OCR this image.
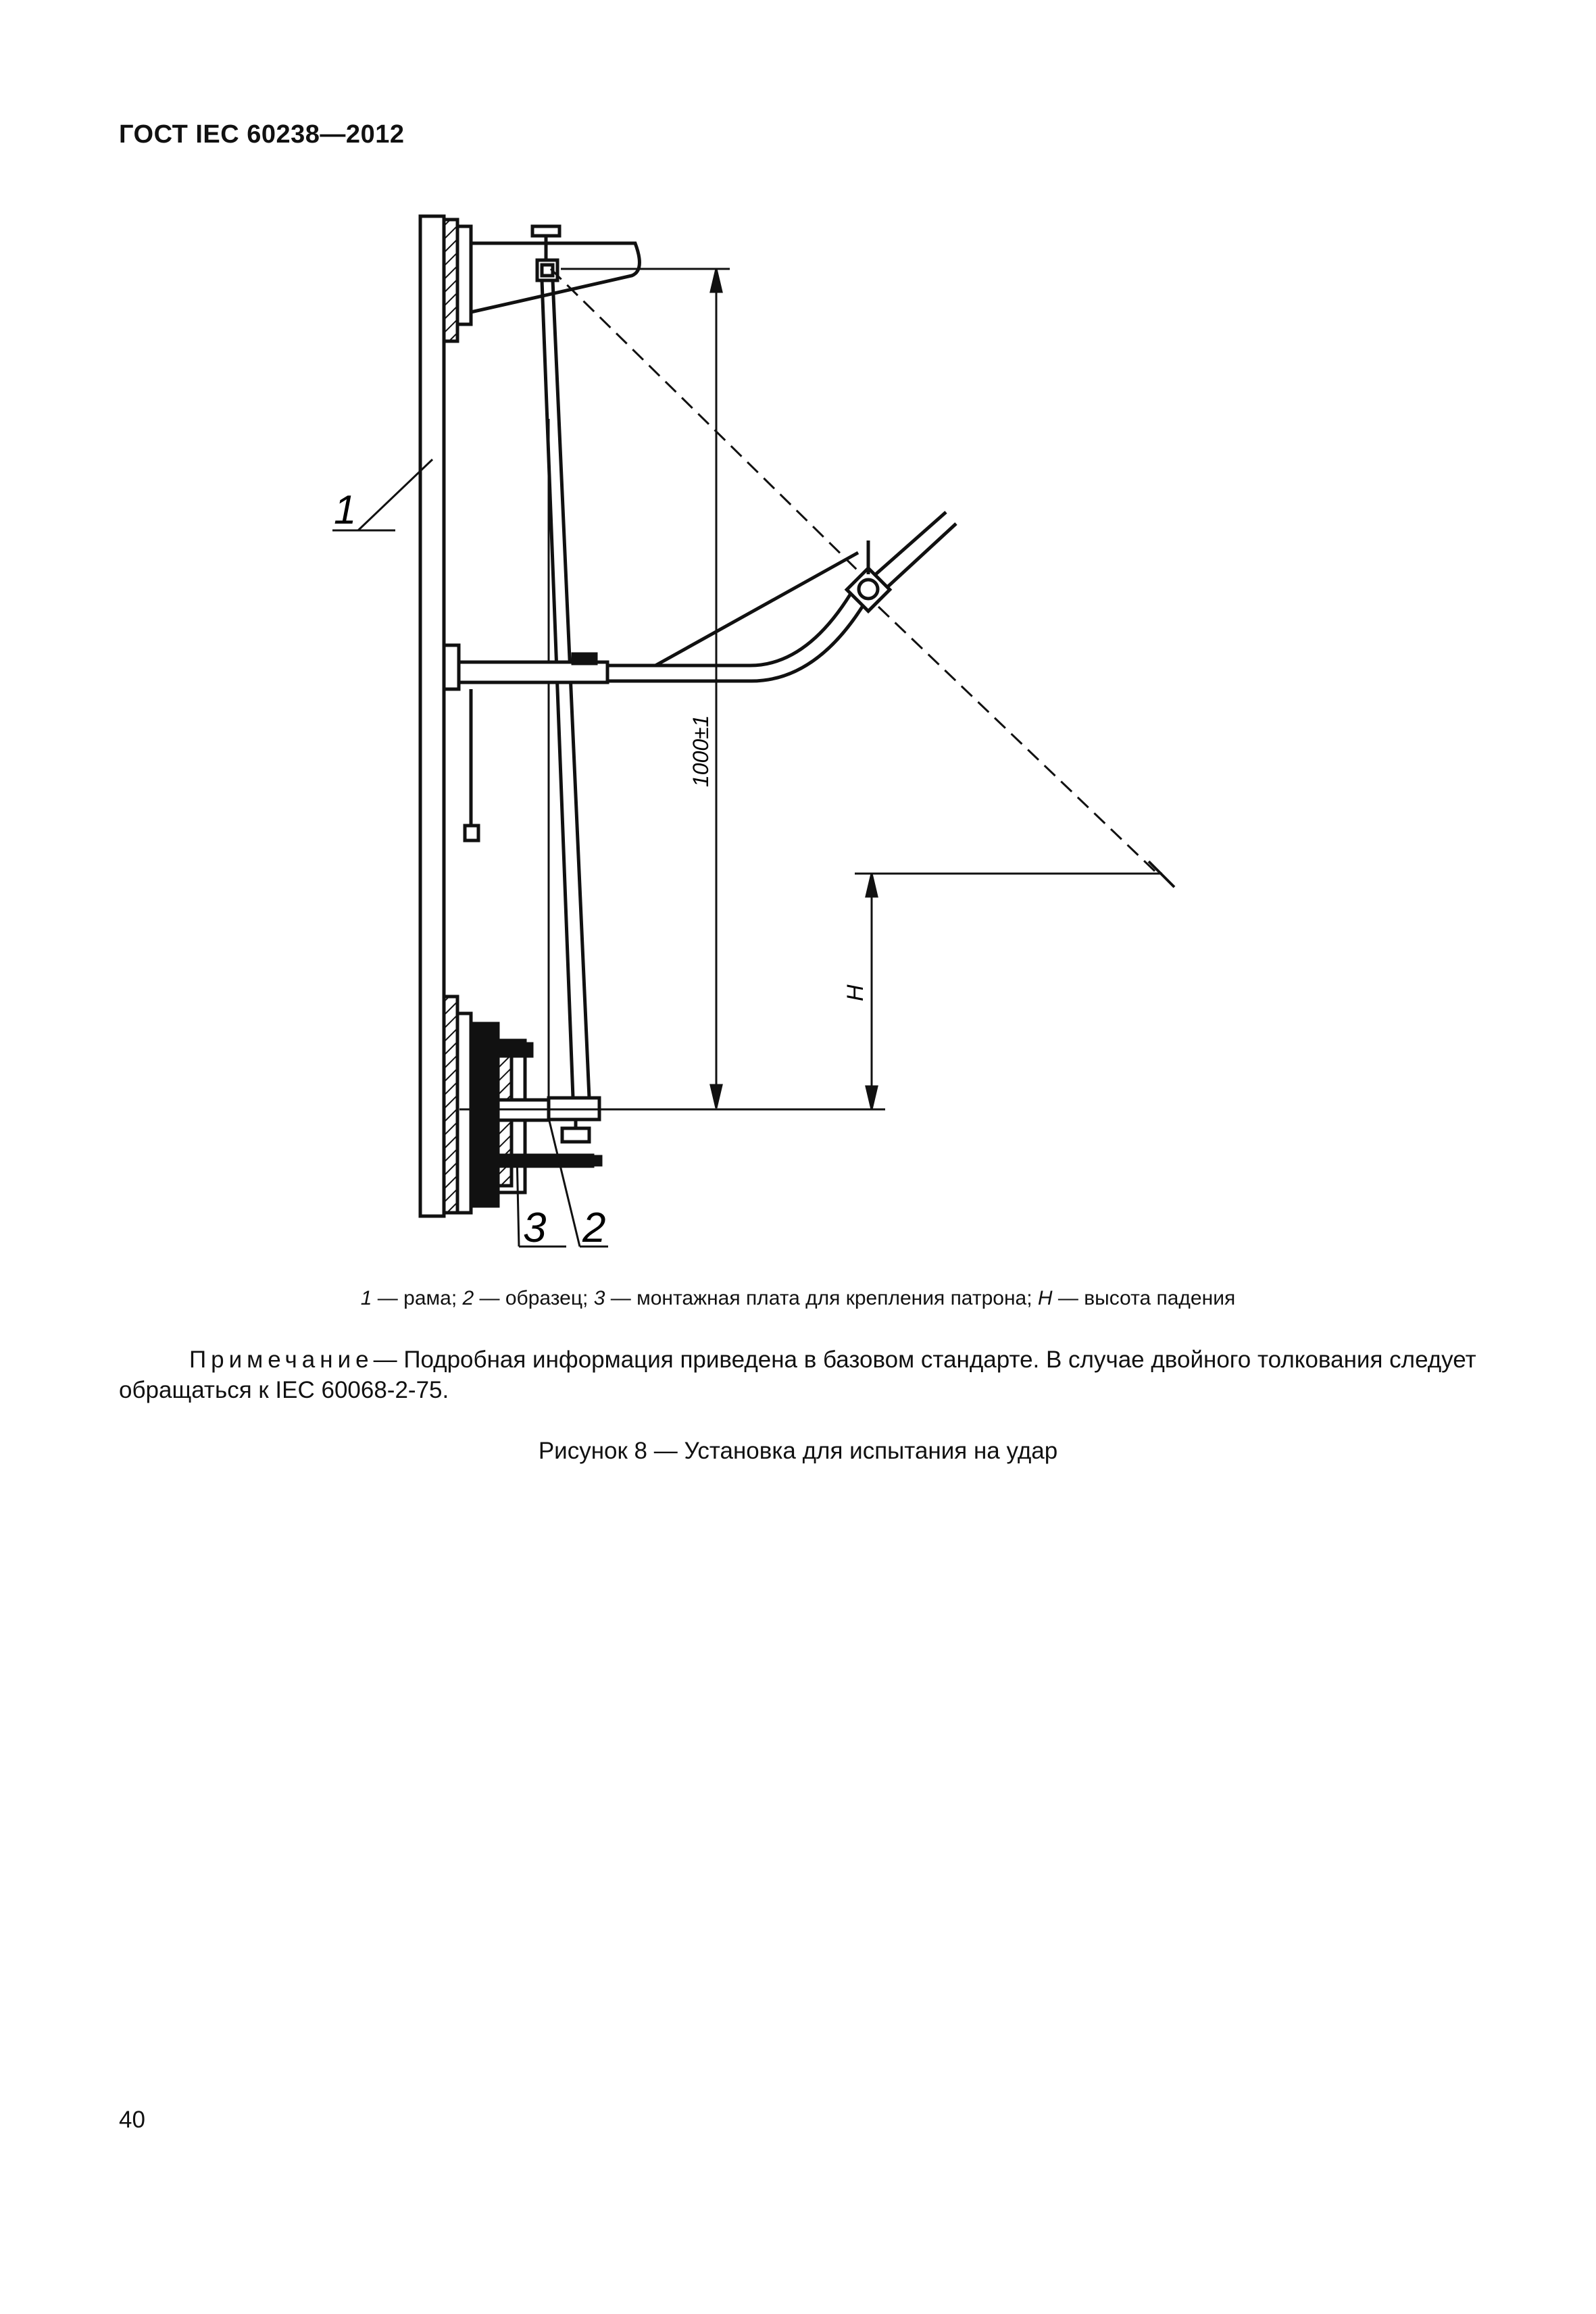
ГОСТ IEC 60238—2012
1
3 2
1000±1
H
1 — рама; 2 — образец; 3 — монтажная плата для крепления патрона; H — высота падения
Примечание— Подробная информация приведена в базовом стандарте. В случае двойного толкования следует обращаться к IEC 60068-2-75.
Рисунок 8 — Установка для испытания на удар
40
